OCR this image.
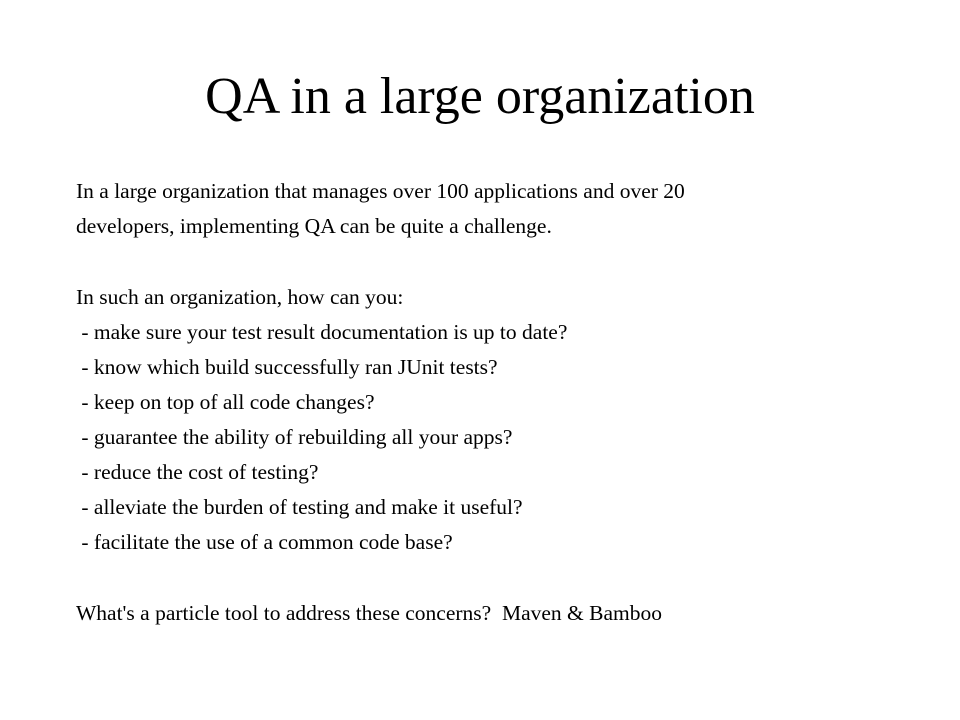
QA in a large organization
In a large organization that manages over 100 applications and over 20
developers, implementing QA can be quite a challenge.
In such an organization, how can you:
- make sure your test result documentation is up to date?
- know which build successfully ran JUnit tests?
- keep on top of all code changes?
- guarantee the ability of rebuilding all your apps?
- reduce the cost of testing?
- alleviate the burden of testing and make it useful?
- facilitate the use of a common code base?
What's a particle tool to address these concerns?  Maven & Bamboo
